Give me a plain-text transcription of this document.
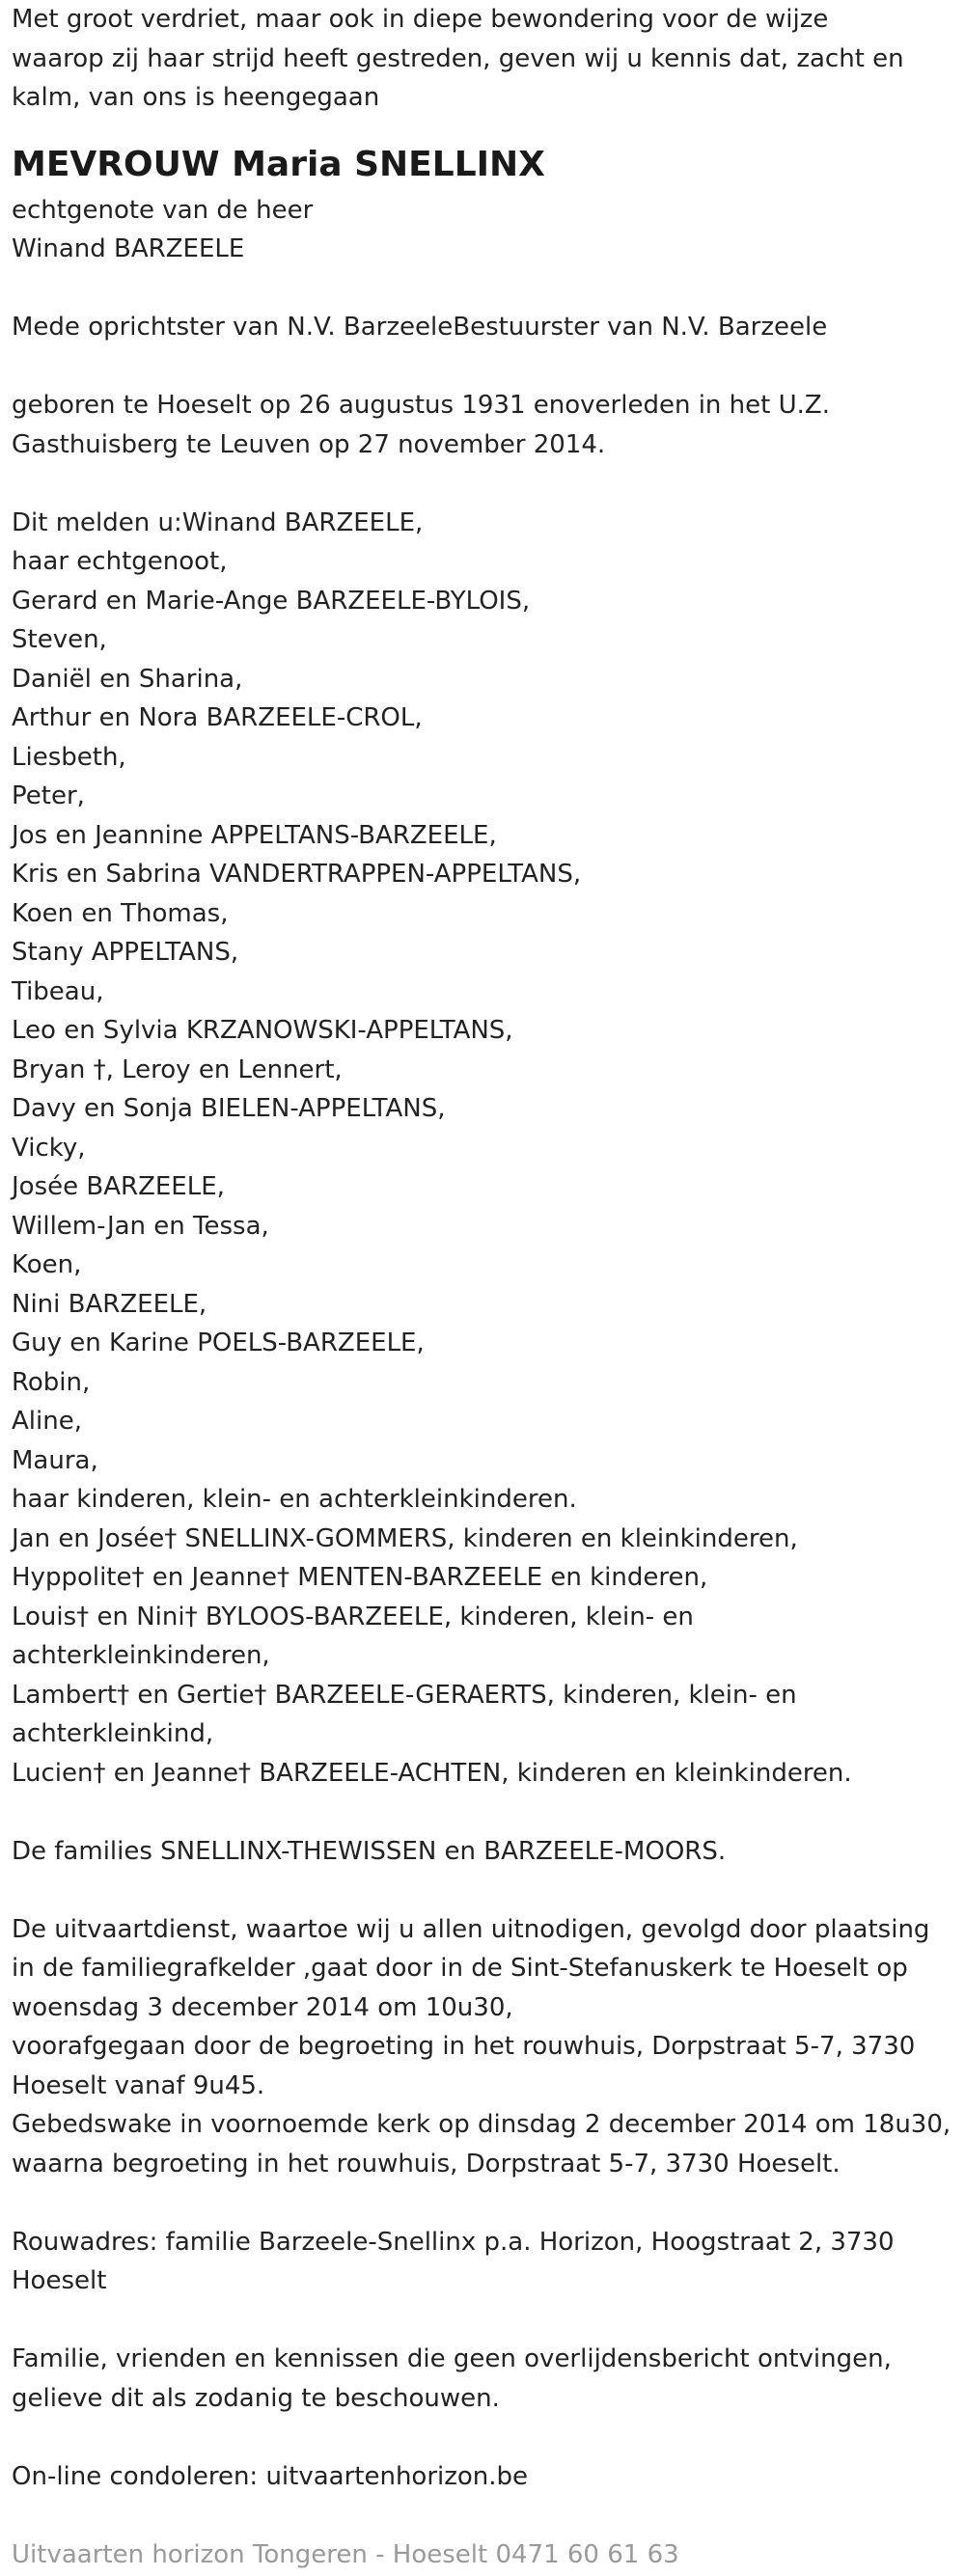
Met groot verdriet, maar ook in diepe bewondering voor de wijze

waarop zij haar strijd heeft gestreden, geven wij u kennis dat, zacht en

kalm, van ons is heengegaan

MEVROUW Maria SNELLINX

echtgenote van de heer

Winand BARZEELE

Mede oprichtster van N.V. BarzeeleBestuurster van N.V. Barzeele

geboren te Hoeselt op 26 augustus 1931 enoverleden in het U.Z.

Gasthuisberg te Leuven op 27 november 2014.

Dit melden u:Winand BARZEELE,

haar echtgenoot,

Gerard en Marie-Ange BARZEELE-BYLOIS,

Steven,

Daniël en Sharina,

Arthur en Nora BARZEELE-CROL,

Liesbeth,

Peter,

Jos en Jeannine APPELTANS-BARZEELE,

Kris en Sabrina VANDERTRAPPEN-APPELTANS,

Koen en Thomas,

Stany APPELTANS,

Tibeau,

Leo en Sylvia KRZANOWSKI-APPELTANS,

Bryan †, Leroy en Lennert,

Davy en Sonja BIELEN-APPELTANS,

Vicky,

Josée BARZEELE,

Willem-Jan en Tessa,

Koen,

Nini BARZEELE,

Guy en Karine POELS-BARZEELE,

Robin,

Aline,

Maura,

haar kinderen, klein- en achterkleinkinderen.

Jan en Josée† SNELLINX-GOMMERS, kinderen en kleinkinderen,

Hyppolite† en Jeanne† MENTEN-BARZEELE en kinderen,

Louis† en Nini† BYLOOS-BARZEELE, kinderen, klein- en

achterkleinkinderen,

Lambert† en Gertie† BARZEELE-GERAERTS, kinderen, klein- en

achterkleinkind,

Lucien† en Jeanne† BARZEELE-ACHTEN, kinderen en kleinkinderen.

De families SNELLINX-THEWISSEN en BARZEELE-MOORS.

De uitvaartdienst, waartoe wij u allen uitnodigen, gevolgd door plaatsing

in de familiegrafkelder ,gaat door in de Sint-Stefanuskerk te Hoeselt op

woensdag 3 december 2014 om 10u30,

voorafgegaan door de begroeting in het rouwhuis, Dorpstraat 5-7, 3730

Hoeselt vanaf 9u45.

Gebedswake in voornoemde kerk op dinsdag 2 december 2014 om 18u30,

waarna begroeting in het rouwhuis, Dorpstraat 5-7, 3730 Hoeselt.

Rouwadres: familie Barzeele-Snellinx p.a. Horizon, Hoogstraat 2, 3730

Hoeselt

Familie, vrienden en kennissen die geen overlijdensbericht ontvingen,

gelieve dit als zodanig te beschouwen.

On-line condoleren: uitvaartenhorizon.be

Uitvaarten horizon Tongeren - Hoeselt 0471 60 61 63
